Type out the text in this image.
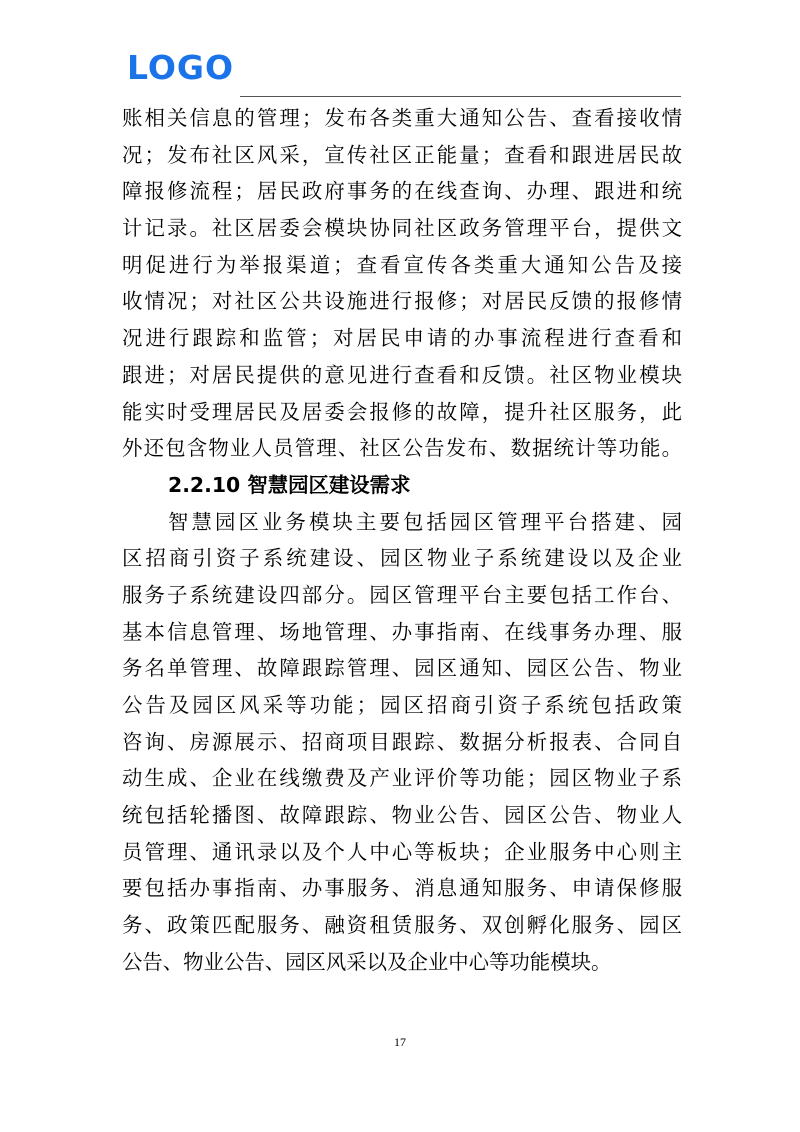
LOGO
账相关信息的管理；发布各类重大通知公告、查看接收情
况；发布社区风采，宣传社区正能量；查看和跟进居民故
障报修流程；居民政府事务的在线查询、办理、跟进和统
计记录。社区居委会模块协同社区政务管理平台，提供文
明促进行为举报渠道；查看宣传各类重大通知公告及接
收情况；对社区公共设施进行报修；对居民反馈的报修情
况进行跟踪和监管；对居民申请的办事流程进行查看和
跟进；对居民提供的意见进行查看和反馈。社区物业模块
能实时受理居民及居委会报修的故障，提升社区服务，此
外还包含物业人员管理、社区公告发布、数据统计等功能。
2.2.10 智慧园区建设需求
智慧园区业务模块主要包括园区管理平台搭建、园
区招商引资子系统建设、园区物业子系统建设以及企业
服务子系统建设四部分。园区管理平台主要包括工作台、
基本信息管理、场地管理、办事指南、在线事务办理、服
务名单管理、故障跟踪管理、园区通知、园区公告、物业
公告及园区风采等功能；园区招商引资子系统包括政策
咨询、房源展示、招商项目跟踪、数据分析报表、合同自
动生成、企业在线缴费及产业评价等功能；园区物业子系
统包括轮播图、故障跟踪、物业公告、园区公告、物业人
员管理、通讯录以及个人中心等板块；企业服务中心则主
要包括办事指南、办事服务、消息通知服务、申请保修服
务、政策匹配服务、融资租赁服务、双创孵化服务、园区
公告、物业公告、园区风采以及企业中心等功能模块。
17
